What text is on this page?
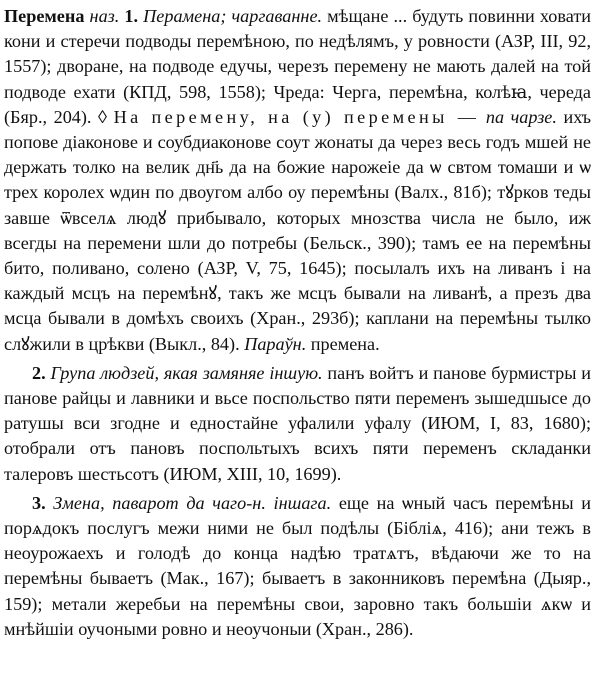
Перемена наз. 1. Перамена; чаргаванне. мѣщане ... будуть повинни ховати кони и стеречи подводы перемѣною, по недѣлямъ, у ровности (АЗР, III, 92, 1557); дворане, на подводе едучы, черезъ перемену не мають далей на той подводе ехати (КПД, 598, 1558); Чреда: Черга, перемѣна, колѣꙗ, череда (Бяр., 204). ◊ На перемену, на (у) перемены — па чарзе. ихъ попове діаконове и соубдиаконове соут жонаты да через весь годъ мшей не держать толко на велик дн҃ь да на божие нарожеіе да ѡ свтом томаши и ѡ трех королех ѡдин по двоугом албо оу перемѣны (Валх., 81б); тꙋрков теды завше ѿвселѧ людꙋ прибывало, которых мнозства числа не было, иж всегды на перемени шли до потребы (Бельск., 390); тамъ ее на перемѣны бито, поливано, солено (АЗР, V, 75, 1645); посылалъ ихъ на ливанъ і на каждый мсцъ на перемѣнꙋ, такъ же мсцъ бывали на ливанѣ, а презъ два мсца бывали в домѣхъ своихъ (Хран., 293б); каплани на перемѣны тылко слꙋжили в црѣкви (Выкл., 84). Параўн. премена.

2. Група людзей, якая замяняе іншую. панъ войтъ и панове бурмистры и панове райцы и лавники и вьсе поспольство пяти переменъ зышедшысе до ратушы вси згодне и едностайне уфалили уфалу (ИЮМ, I, 83, 1680); отобрали отъ пановъ поспольтыхъ всихъ пяти переменъ складанки талеровъ шестьсотъ (ИЮМ, XIII, 10, 1699).

3. Змена, паварот да чаго-н. іншага. еще на ѡный часъ перемѣны и порѧдокъ послугъ межи ними не был подѣлы (Бібліѧ, 416); ани тежъ в неоурожаехъ и голодѣ до конца надѣю тратѧтъ, вѣдаючи же то на перемѣны бываетъ (Мак., 167); бываетъ в законниковъ перемѣна (Дыяр., 159); метали жеребьи на перемѣны свои, заровно такъ большіи ѧкѡ и мнѣйшіи оучоными ровно и неоучоныи (Хран., 286).
